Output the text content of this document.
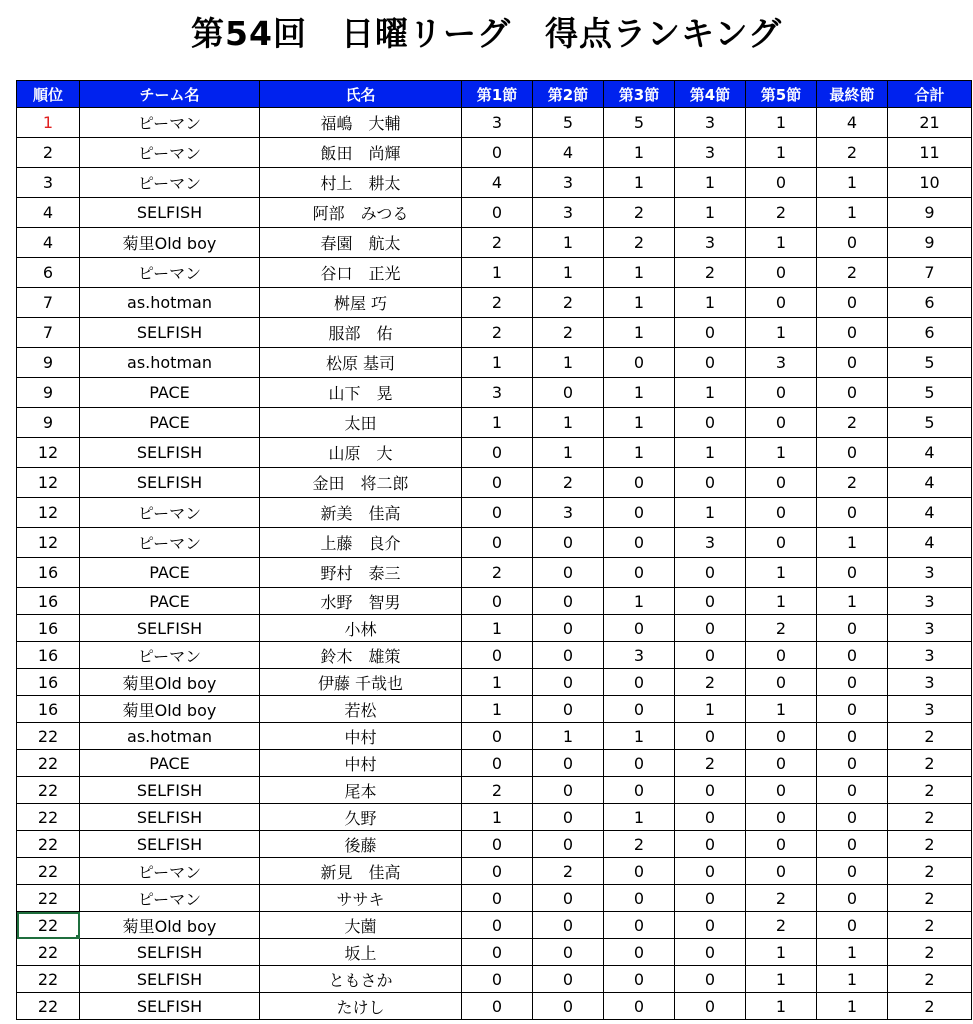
第54回　日曜リーグ　得点ランキング
順位	チーム名	氏名	第1節	第2節	第3節	第4節	第5節	最終節	合計
1	ピーマン	福嶋　大輔	3	5	5	3	1	4	21
2	ピーマン	飯田　尚輝	0	4	1	3	1	2	11
3	ピーマン	村上　耕太	4	3	1	1	0	1	10
4	SELFISH	阿部　みつる	0	3	2	1	2	1	9
4	菊里Old boy	春園　航太	2	1	2	3	1	0	9
6	ピーマン	谷口　正光	1	1	1	2	0	2	7
7	as.hotman	桝屋 巧	2	2	1	1	0	0	6
7	SELFISH	服部　佑	2	2	1	0	1	0	6
9	as.hotman	松原 基司	1	1	0	0	3	0	5
9	PACE	山下　晃	3	0	1	1	0	0	5
9	PACE	太田	1	1	1	0	0	2	5
12	SELFISH	山原　大	0	1	1	1	1	0	4
12	SELFISH	金田　将二郎	0	2	0	0	0	2	4
12	ピーマン	新美　佳高	0	3	0	1	0	0	4
12	ピーマン	上藤　良介	0	0	0	3	0	1	4
16	PACE	野村　泰三	2	0	0	0	1	0	3
16	PACE	水野　智男	0	0	1	0	1	1	3
16	SELFISH	小林	1	0	0	0	2	0	3
16	ピーマン	鈴木　雄策	0	0	3	0	0	0	3
16	菊里Old boy	伊藤 千哉也	1	0	0	2	0	0	3
16	菊里Old boy	若松	1	0	0	1	1	0	3
22	as.hotman	中村	0	1	1	0	0	0	2
22	PACE	中村	0	0	0	2	0	0	2
22	SELFISH	尾本	2	0	0	0	0	0	2
22	SELFISH	久野	1	0	1	0	0	0	2
22	SELFISH	後藤	0	0	2	0	0	0	2
22	ピーマン	新見　佳高	0	2	0	0	0	0	2
22	ピーマン	ササキ	0	0	0	0	2	0	2
22	菊里Old boy	大薗	0	0	0	0	2	0	2
22	SELFISH	坂上	0	0	0	0	1	1	2
22	SELFISH	ともさか	0	0	0	0	1	1	2
22	SELFISH	たけし	0	0	0	0	1	1	2
